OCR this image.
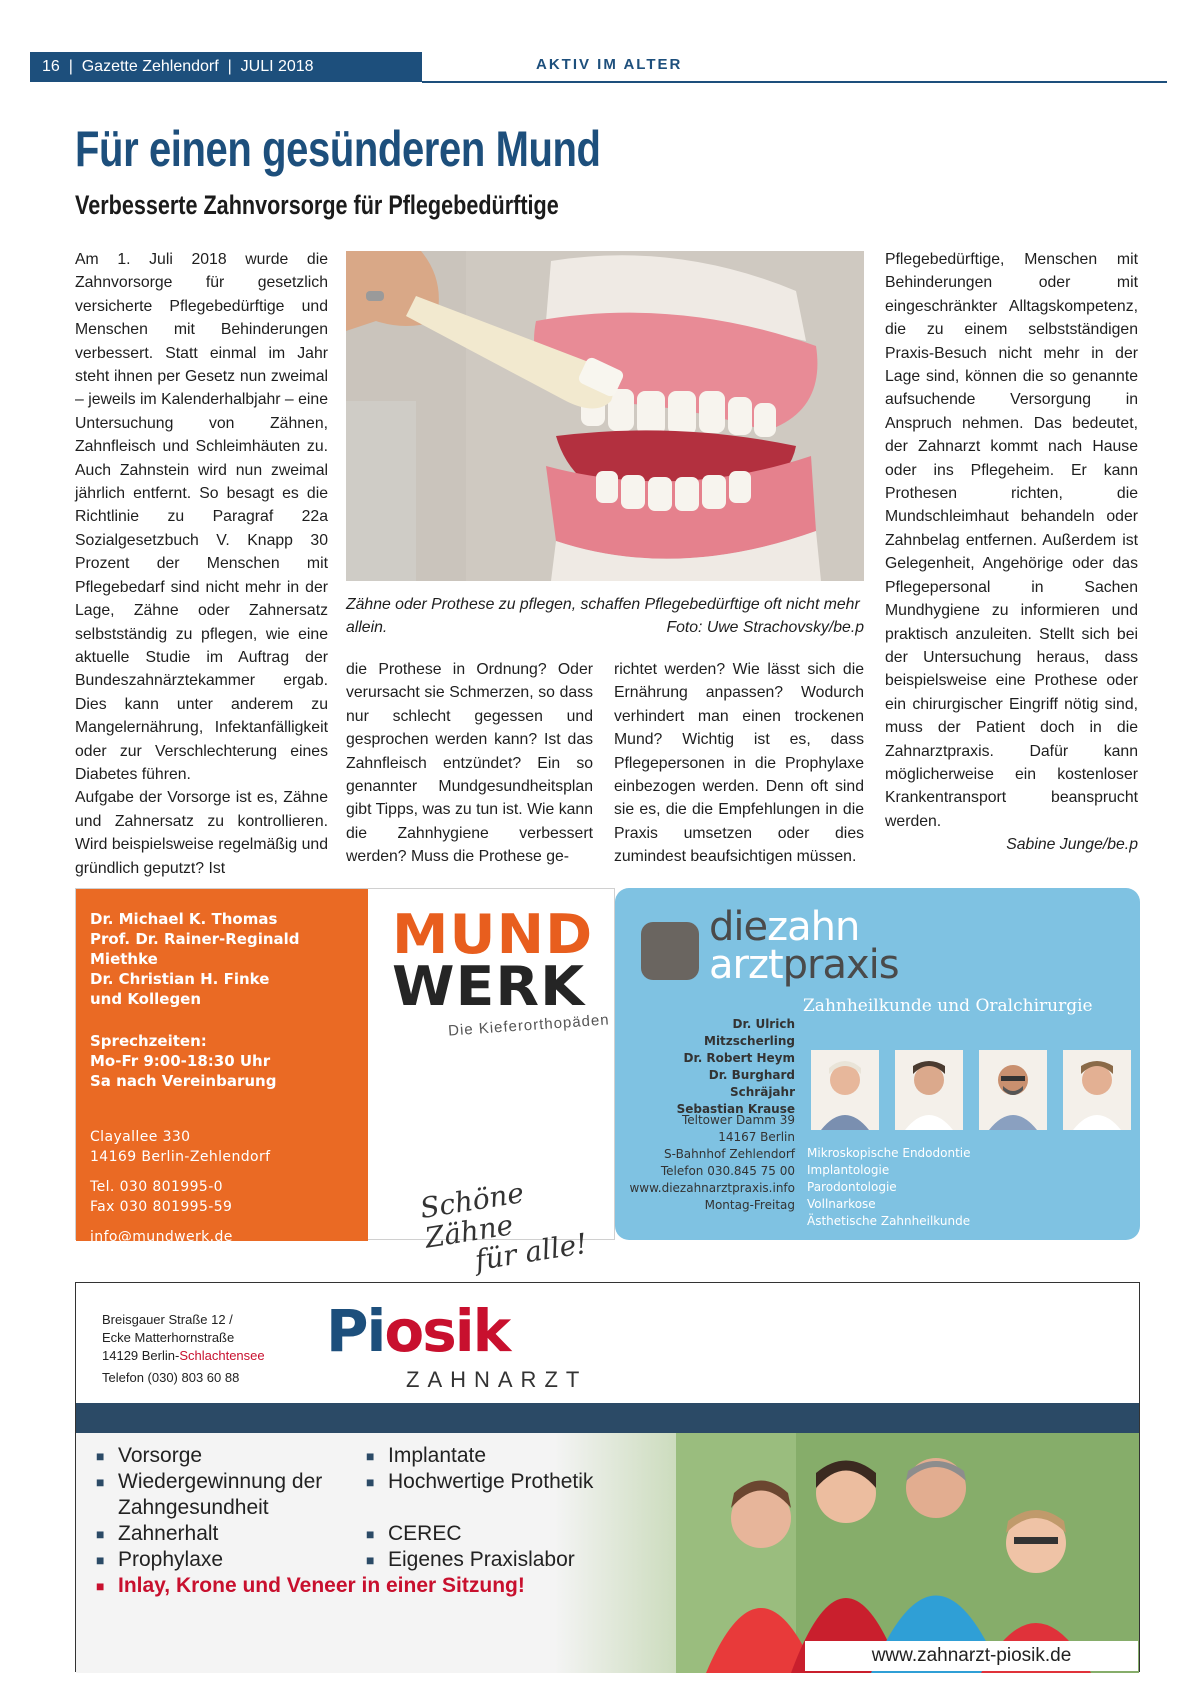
16 | Gazette Zehlendorf | JULI 2018	AKTIV IM ALTER
Für einen gesünderen Mund
Verbesserte Zahnvorsorge für Pflegebedürftige

Am 1. Juli 2018 wurde die Zahnvorsorge für gesetzlich versicherte Pflegebedürftige und Menschen mit Behinderungen verbessert. Statt einmal im Jahr steht ihnen per Gesetz nun zweimal – jeweils im Kalenderhalbjahr – eine Untersuchung von Zähnen, Zahnfleisch und Schleimhäuten zu. Auch Zahnstein wird nun zweimal jährlich entfernt. So besagt es die Richtlinie zu Paragraf 22a Sozialgesetzbuch V. Knapp 30 Prozent der Menschen mit Pflegebedarf sind nicht mehr in der Lage, Zähne oder Zahnersatz selbstständig zu pflegen, wie eine aktuelle Studie im Auftrag der Bundeszahnärztekammer ergab. Dies kann unter anderem zu Mangelernährung, Infektanfälligkeit oder zur Verschlechterung eines Diabetes führen.

Aufgabe der Vorsorge ist es, Zähne und Zahnersatz zu kontrollieren. Wird beispielsweise regelmäßig und gründlich geputzt? Ist

Zähne oder Prothese zu pflegen, schaffen Pflegebedürftige oft nicht mehr allein.	Foto: Uwe Strachovsky/be.p

die Prothese in Ordnung? Oder verursacht sie Schmerzen, so dass nur schlecht gegessen und gesprochen werden kann? Ist das Zahnfleisch entzündet? Ein so genannter Mundgesundheitsplan gibt Tipps, was zu tun ist. Wie kann die Zahnhygiene verbessert werden? Muss die Prothese ge-

richtet werden? Wie lässt sich die Ernährung anpassen? Wodurch verhindert man einen trockenen Mund? Wichtig ist es, dass Pflegepersonen in die Prophylaxe einbezogen werden. Denn oft sind sie es, die die Empfehlungen in die Praxis umsetzen oder dies zumindest beaufsichtigen müssen.

Pflegebedürftige, Menschen mit Behinderungen oder mit eingeschränkter Alltagskompetenz, die zu einem selbstständigen Praxis-Besuch nicht mehr in der Lage sind, können die so genannte aufsuchende Versorgung in Anspruch nehmen. Das bedeutet, der Zahnarzt kommt nach Hause oder ins Pflegeheim. Er kann Prothesen richten, die Mundschleimhaut behandeln oder Zahnbelag entfernen. Außerdem ist Gelegenheit, Angehörige oder das Pflegepersonal in Sachen Mundhygiene zu informieren und praktisch anzuleiten. Stellt sich bei der Untersuchung heraus, dass beispielsweise eine Prothese oder ein chirurgischer Eingriff nötig sind, muss der Patient doch in die Zahnarztpraxis. Dafür kann möglicherweise ein kostenloser Krankentransport beansprucht werden.

Sabine Junge/be.p
Dr. Michael K. Thomas
Prof. Dr. Rainer-Reginald Miethke
Dr. Christian H. Finke
und Kollegen
Sprechzeiten:
Mo-Fr 9:00-18:30 Uhr
Sa nach Vereinbarung
Clayallee 330
14169 Berlin-Zehlendorf
Tel. 030 801995-0
Fax 030 801995-59
info@mundwerk.de
www.mundwerk.de
MUND
WERK
Die Kieferorthopäden
Schöne Zähne
für alle!
diezahn
arztpraxis
Zahnheilkunde und Oralchirurgie
Dr. Ulrich Mitzscherling
Dr. Robert Heym
Dr. Burghard Schräjahr
Sebastian Krause
Teltower Damm 39
14167 Berlin
S-Bahnhof Zehlendorf
Telefon 030.845 75 00
www.diezahnarztpraxis.info
Montag-Freitag
Mikroskopische Endodontie
Implantologie
Parodontologie
Vollnarkose
Ästhetische Zahnheilkunde
Breisgauer Straße 12 /
Ecke Matterhornstraße
14129 Berlin-Schlachtensee
Telefon (030) 803 60 88
Piosik
ZAHNARZT
■ Vorsorge	■ Implantate
■ Wiedergewinnung der Zahngesundheit
■ Hochwertige Prothetik
■ Zahnerhalt	■ CEREC
■ Prophylaxe	■ Eigenes Praxislabor
■ Inlay, Krone und Veneer in einer Sitzung!
www.zahnarzt-piosik.de
